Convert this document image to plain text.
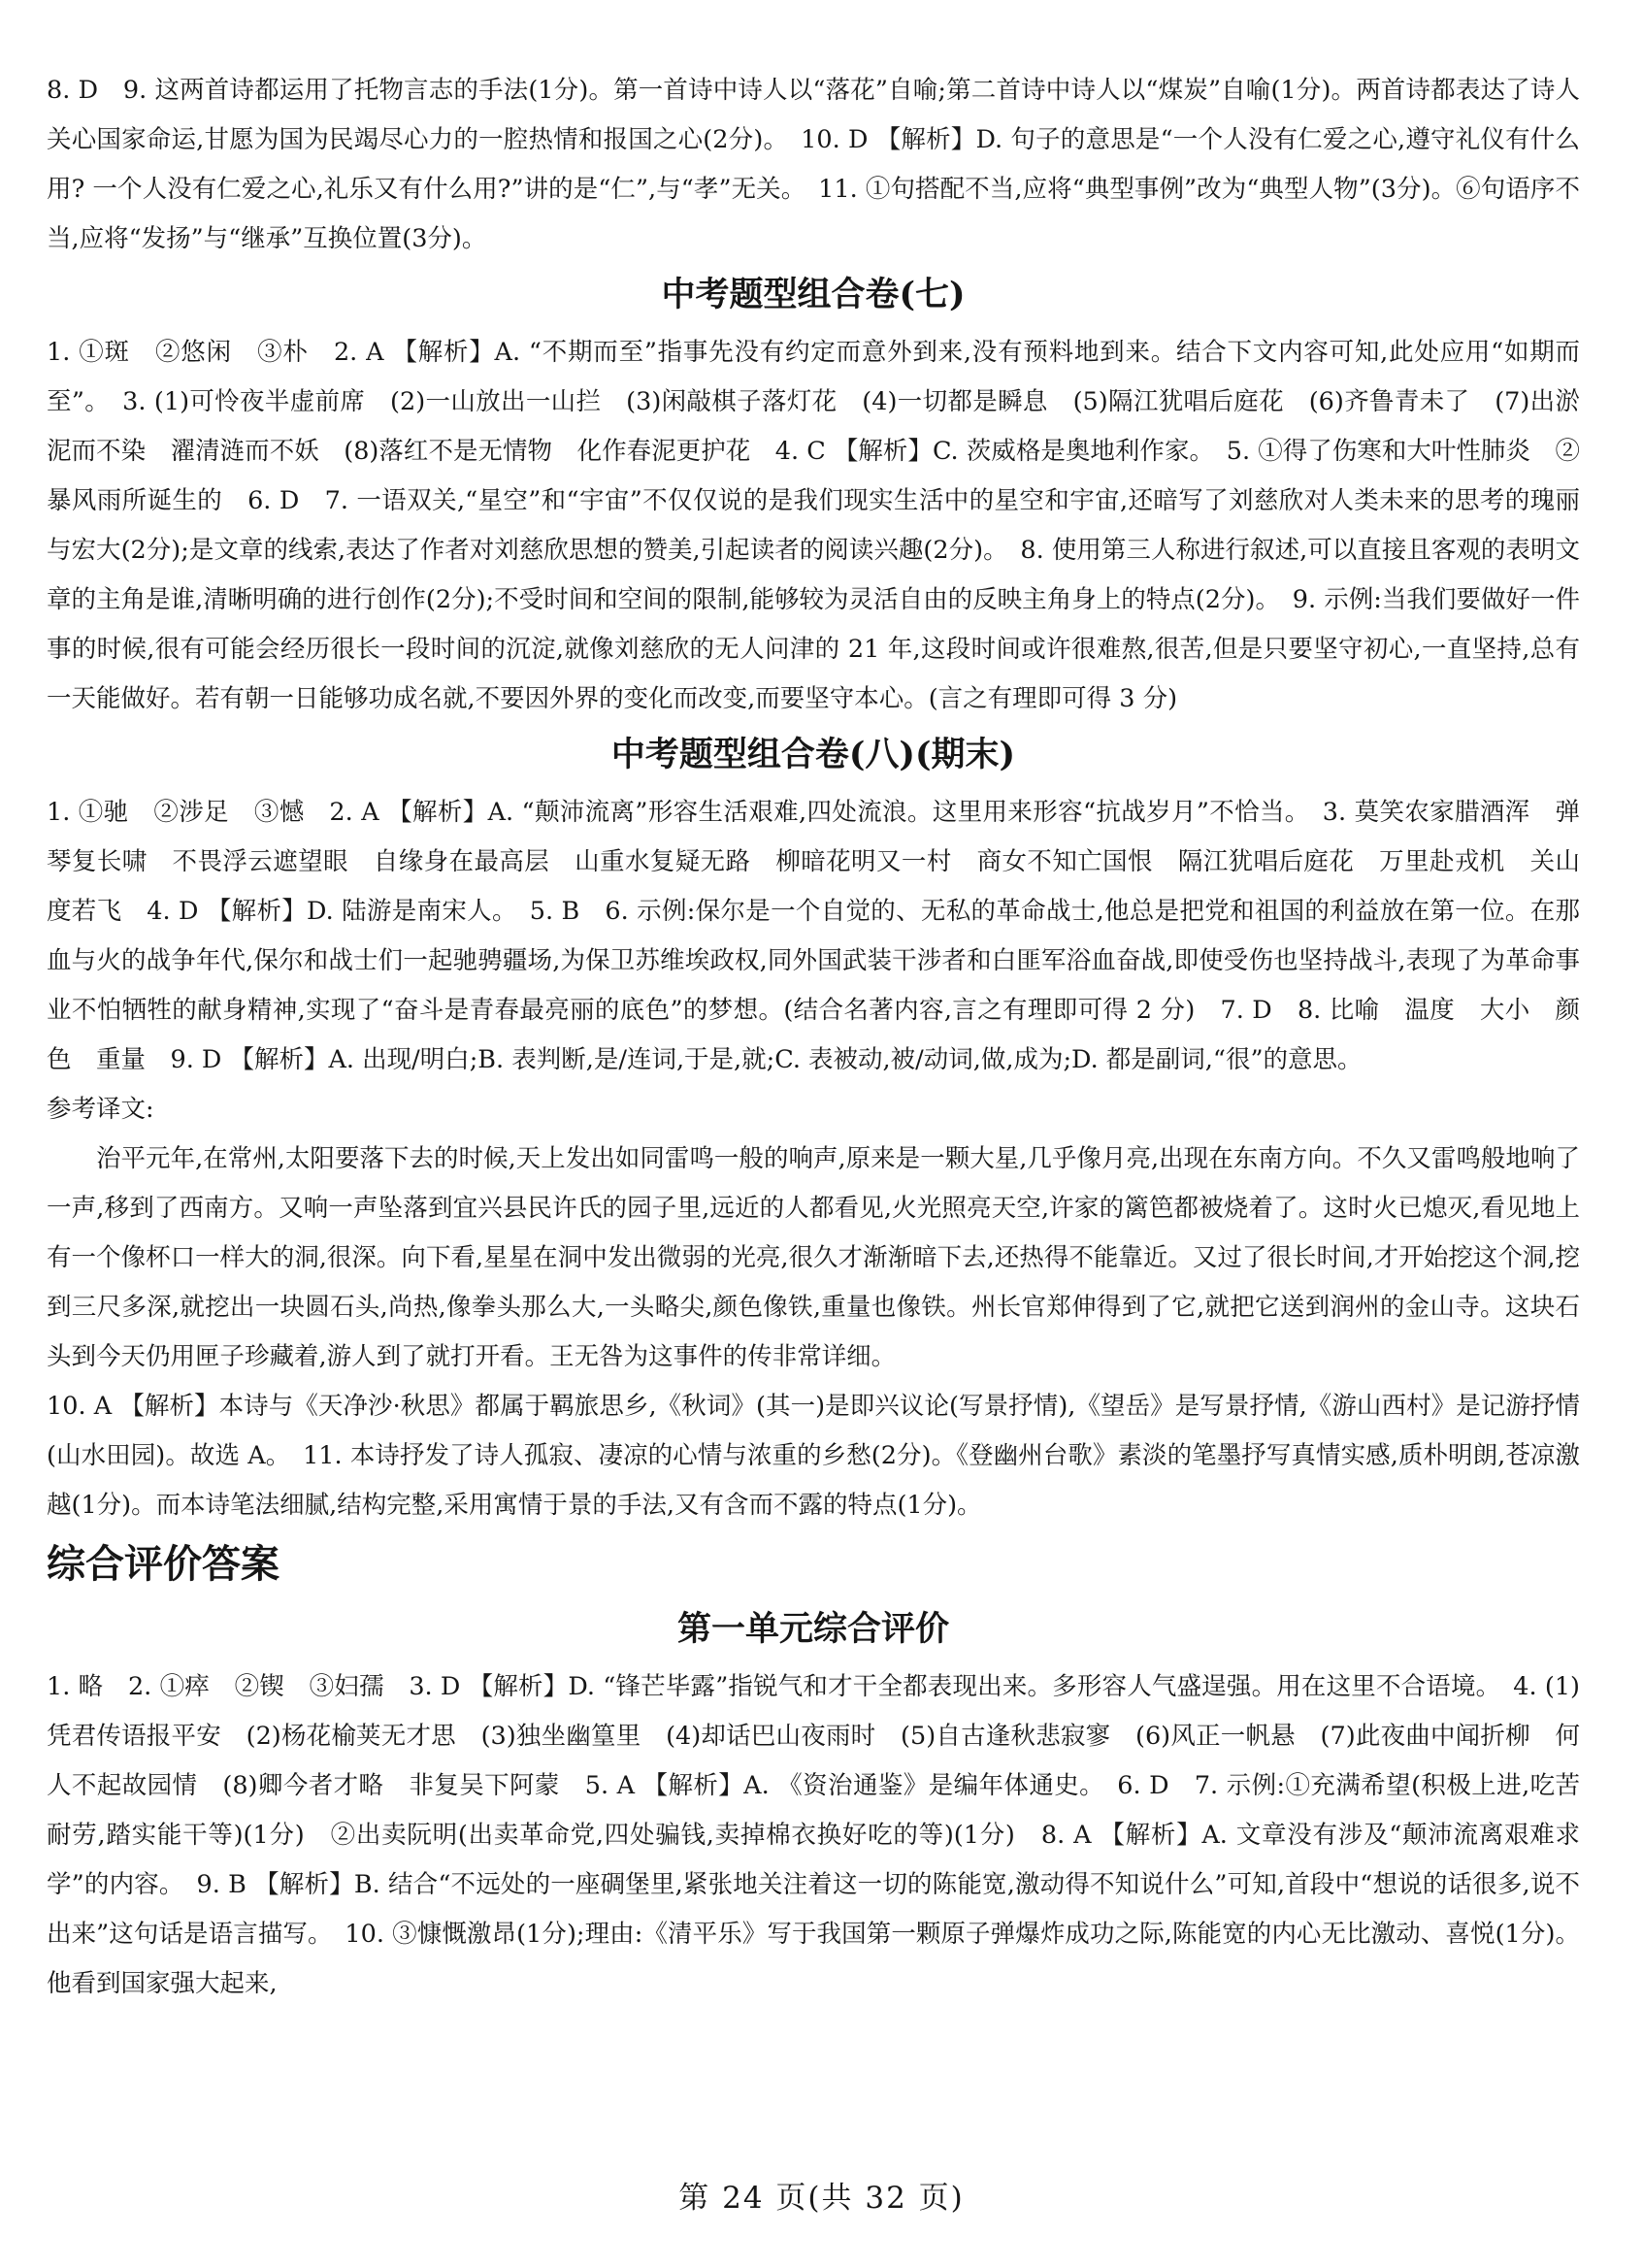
8. D　9. 这两首诗都运用了托物言志的手法(1分)。第一首诗中诗人以“落花”自喻;第二首诗中诗人以“煤炭”自喻(1分)。两首诗都表达了诗人关心国家命运,甘愿为国为民竭尽心力的一腔热情和报国之心(2分)。　10. D 【解析】D. 句子的意思是“一个人没有仁爱之心,遵守礼仪有什么用? 一个人没有仁爱之心,礼乐又有什么用?”讲的是“仁”,与“孝”无关。　11. ①句搭配不当,应将“典型事例”改为“典型人物”(3分)。⑥句语序不当,应将“发扬”与“继承”互换位置(3分)。

中考题型组合卷(七)

1. ①斑　②悠闲　③朴　2. A 【解析】A. “不期而至”指事先没有约定而意外到来,没有预料地到来。结合下文内容可知,此处应用“如期而至”。　3. (1)可怜夜半虚前席　(2)一山放出一山拦　(3)闲敲棋子落灯花　(4)一切都是瞬息　(5)隔江犹唱后庭花　(6)齐鲁青未了　(7)出淤泥而不染　濯清涟而不妖　(8)落红不是无情物　化作春泥更护花　4. C 【解析】C. 茨威格是奥地利作家。　5. ①得了伤寒和大叶性肺炎　②暴风雨所诞生的　6. D　7. 一语双关,“星空”和“宇宙”不仅仅说的是我们现实生活中的星空和宇宙,还暗写了刘慈欣对人类未来的思考的瑰丽与宏大(2分);是文章的线索,表达了作者对刘慈欣思想的赞美,引起读者的阅读兴趣(2分)。　8. 使用第三人称进行叙述,可以直接且客观的表明文章的主角是谁,清晰明确的进行创作(2分);不受时间和空间的限制,能够较为灵活自由的反映主角身上的特点(2分)。　9. 示例:当我们要做好一件事的时候,很有可能会经历很长一段时间的沉淀,就像刘慈欣的无人问津的 21 年,这段时间或许很难熬,很苦,但是只要坚守初心,一直坚持,总有一天能做好。若有朝一日能够功成名就,不要因外界的变化而改变,而要坚守本心。(言之有理即可得 3 分)

中考题型组合卷(八)(期末)

1. ①驰　②涉足　③憾　2. A 【解析】A. “颠沛流离”形容生活艰难,四处流浪。这里用来形容“抗战岁月”不恰当。　3. 莫笑农家腊酒浑　弹琴复长啸　不畏浮云遮望眼　自缘身在最高层　山重水复疑无路　柳暗花明又一村　商女不知亡国恨　隔江犹唱后庭花　万里赴戎机　关山度若飞　4. D 【解析】D. 陆游是南宋人。　5. B　6. 示例:保尔是一个自觉的、无私的革命战士,他总是把党和祖国的利益放在第一位。在那血与火的战争年代,保尔和战士们一起驰骋疆场,为保卫苏维埃政权,同外国武装干涉者和白匪军浴血奋战,即使受伤也坚持战斗,表现了为革命事业不怕牺牲的献身精神,实现了“奋斗是青春最亮丽的底色”的梦想。(结合名著内容,言之有理即可得 2 分)　7. D　8. 比喻　温度　大小　颜色　重量　9. D 【解析】A. 出现/明白;B. 表判断,是/连词,于是,就;C. 表被动,被/动词,做,成为;D. 都是副词,“很”的意思。

参考译文:

治平元年,在常州,太阳要落下去的时候,天上发出如同雷鸣一般的响声,原来是一颗大星,几乎像月亮,出现在东南方向。不久又雷鸣般地响了一声,移到了西南方。又响一声坠落到宜兴县民许氏的园子里,远近的人都看见,火光照亮天空,许家的篱笆都被烧着了。这时火已熄灭,看见地上有一个像杯口一样大的洞,很深。向下看,星星在洞中发出微弱的光亮,很久才渐渐暗下去,还热得不能靠近。又过了很长时间,才开始挖这个洞,挖到三尺多深,就挖出一块圆石头,尚热,像拳头那么大,一头略尖,颜色像铁,重量也像铁。州长官郑伸得到了它,就把它送到润州的金山寺。这块石头到今天仍用匣子珍藏着,游人到了就打开看。王无咎为这事件的传非常详细。

10. A 【解析】本诗与《天净沙·秋思》都属于羁旅思乡,《秋词》(其一)是即兴议论(写景抒情),《望岳》是写景抒情,《游山西村》是记游抒情(山水田园)。故选 A。　11. 本诗抒发了诗人孤寂、凄凉的心情与浓重的乡愁(2分)。《登幽州台歌》素淡的笔墨抒写真情实感,质朴明朗,苍凉激越(1分)。而本诗笔法细腻,结构完整,采用寓情于景的手法,又有含而不露的特点(1分)。

综合评价答案
第一单元综合评价

1. 略　2. ①瘁　②锲　③妇孺　3. D 【解析】D. “锋芒毕露”指锐气和才干全都表现出来。多形容人气盛逞强。用在这里不合语境。　4. (1)凭君传语报平安　(2)杨花榆荚无才思　(3)独坐幽篁里　(4)却话巴山夜雨时　(5)自古逢秋悲寂寥　(6)风正一帆悬　(7)此夜曲中闻折柳　何人不起故园情　(8)卿今者才略　非复吴下阿蒙　5. A 【解析】A. 《资治通鉴》是编年体通史。　6. D　7. 示例:①充满希望(积极上进,吃苦耐劳,踏实能干等)(1分)　②出卖阮明(出卖革命党,四处骗钱,卖掉棉衣换好吃的等)(1分)　8. A 【解析】A. 文章没有涉及“颠沛流离艰难求学”的内容。　9. B 【解析】B. 结合“不远处的一座碉堡里,紧张地关注着这一切的陈能宽,激动得不知说什么”可知,首段中“想说的话很多,说不出来”这句话是语言描写。　10. ③慷慨激昂(1分);理由:《清平乐》写于我国第一颗原子弹爆炸成功之际,陈能宽的内心无比激动、喜悦(1分)。他看到国家强大起来,

第 24 页(共 32 页)
